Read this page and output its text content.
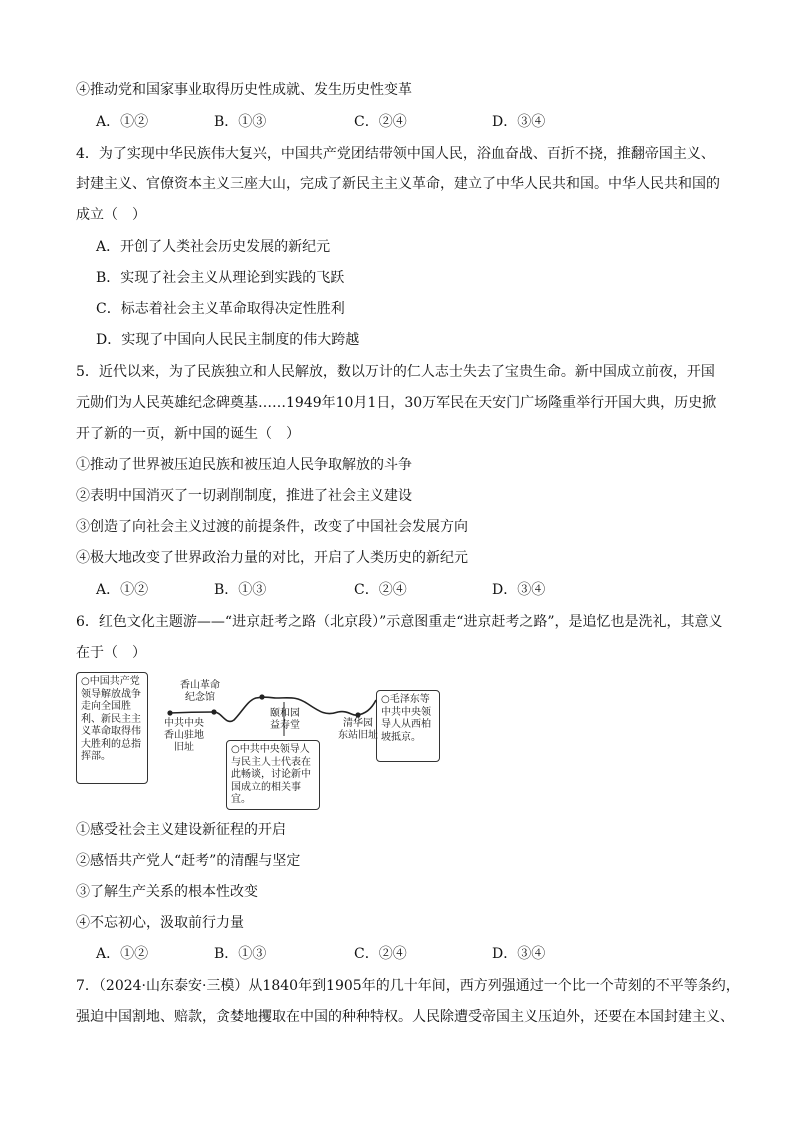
④推动党和国家事业取得历史性成就、发生历史性变革
A．①②	B．①③	C．②④	D．③④
4．为了实现中华民族伟大复兴，中国共产党团结带领中国人民，浴血奋战、百折不挠，推翻帝国主义、
封建主义、官僚资本主义三座大山，完成了新民主主义革命，建立了中华人民共和国。中华人民共和国的
成立（　）
A．开创了人类社会历史发展的新纪元
B．实现了社会主义从理论到实践的飞跃
C．标志着社会主义革命取得决定性胜利
D．实现了中国向人民民主制度的伟大跨越
5．近代以来，为了民族独立和人民解放，数以万计的仁人志士失去了宝贵生命。新中国成立前夜，开国
元勋们为人民英雄纪念碑奠基……1949年10月1日，30万军民在天安门广场隆重举行开国大典，历史掀
开了新的一页，新中国的诞生（　）
①推动了世界被压迫民族和被压迫人民争取解放的斗争
②表明中国消灭了一切剥削制度，推进了社会主义建设
③创造了向社会主义过渡的前提条件，改变了中国社会发展方向
④极大地改变了世界政治力量的对比，开启了人类历史的新纪元
A．①②	B．①③	C．②④	D．③④
6．红色文化主题游——“进京赶考之路（北京段）”示意图重走“进京赶考之路”，是追忆也是洗礼，其意义
在于（　）
○中国共产党领导解放战争走向全国胜利、新民主主义革命取得伟大胜利的总指挥部。
○中共中央领导人与民主人士代表在此畅谈，讨论新中国成立的相关事宜。
○毛泽东等中共中央领导人从西柏坡抵京。
中共中央
香山驻地
旧址
香山革命
纪念馆
颐和园
益寿堂	清华园
东站旧址
①感受社会主义建设新征程的开启
②感悟共产党人“赶考”的清醒与坚定
③了解生产关系的根本性改变
④不忘初心，汲取前行力量
A．①②	B．①③	C．②④	D．③④
7．（2024·山东泰安·三模）从1840年到1905年的几十年间，西方列强通过一个比一个苛刻的不平等条约，
强迫中国割地、赔款，贪婪地攫取在中国的种种特权。人民除遭受帝国主义压迫外，还要在本国封建主义、
